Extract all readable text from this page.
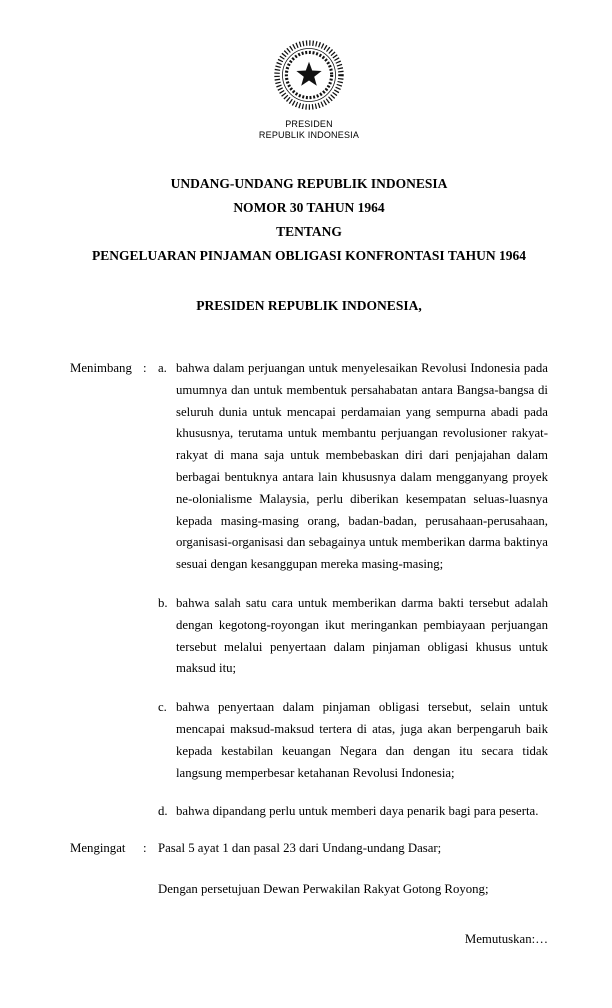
PRESIDEN
REPUBLIK INDONESIA
UNDANG-UNDANG REPUBLIK INDONESIA
NOMOR 30 TAHUN 1964
TENTANG
PENGELUARAN PINJAMAN OBLIGASI KONFRONTASI TAHUN 1964
PRESIDEN REPUBLIK INDONESIA,
Menimbang : a. bahwa dalam perjuangan untuk menyelesaikan Revolusi Indonesia pada umumnya dan untuk membentuk persahabatan antara Bangsa-bangsa di seluruh dunia untuk mencapai perdamaian yang sempurna abadi pada khususnya, terutama untuk membantu perjuangan revolusioner rakyat-rakyat di mana saja untuk membebaskan diri dari penjajahan dalam berbagai bentuknya antara lain khususnya dalam mengganyang proyek ne-olonialisme Malaysia, perlu diberikan kesempatan seluas-luasnya kepada masing-masing orang, badan-badan, perusahaan-perusahaan, organisasi-organisasi dan sebagainya untuk memberikan darma baktinya sesuai dengan kesanggupan mereka masing-masing;
b. bahwa salah satu cara untuk memberikan darma bakti tersebut adalah dengan kegotong-royongan ikut meringankan pembiayaan perjuangan tersebut melalui penyertaan dalam pinjaman obligasi khusus untuk maksud itu;
c. bahwa penyertaan dalam pinjaman obligasi tersebut, selain untuk mencapai maksud-maksud tertera di atas, juga akan berpengaruh baik kepada kestabilan keuangan Negara dan dengan itu secara tidak langsung memperbesar ketahanan Revolusi Indonesia;
d. bahwa dipandang perlu untuk memberi daya penarik bagi para peserta.
Mengingat	: Pasal 5 ayat 1 dan pasal 23 dari Undang-undang Dasar;
Dengan persetujuan Dewan Perwakilan Rakyat Gotong Royong;
Memutuskan:…
